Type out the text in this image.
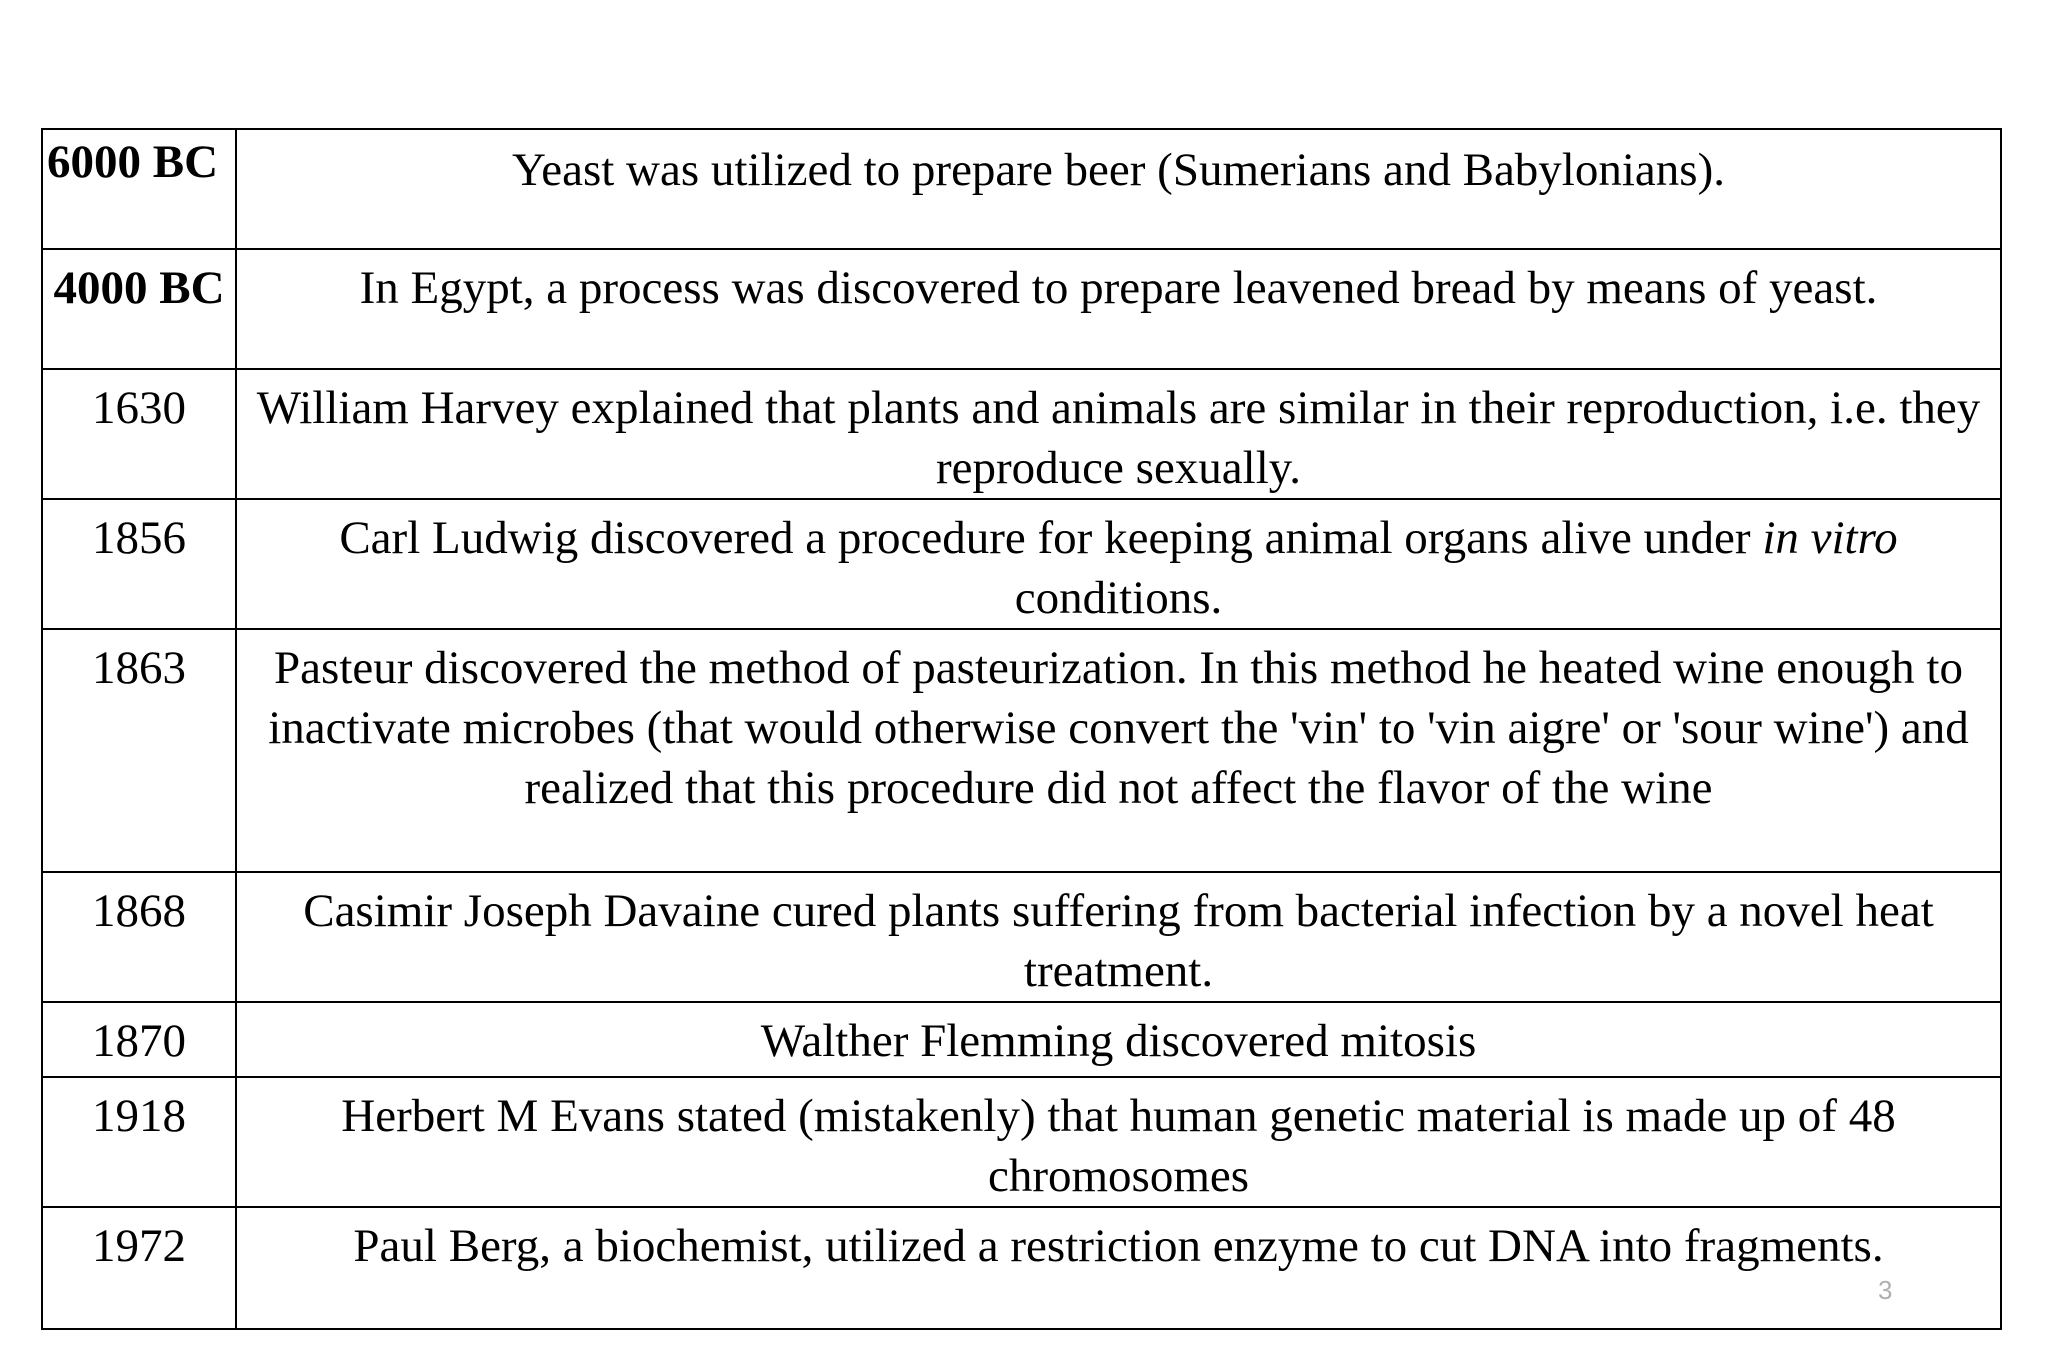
6000 BC	Yeast was utilized to prepare beer (Sumerians and Babylonians).
4000 BC	In Egypt, a process was discovered to prepare leavened bread by means of yeast.
1630	William Harvey explained that plants and animals are similar in their reproduction, i.e. they reproduce sexually.
1856	Carl Ludwig discovered a procedure for keeping animal organs alive under in vitro conditions.
1863	Pasteur discovered the method of pasteurization. In this method he heated wine enough to inactivate microbes (that would otherwise convert the 'vin' to 'vin aigre' or 'sour wine') and realized that this procedure did not affect the flavor of the wine
1868	Casimir Joseph Davaine cured plants suffering from bacterial infection by a novel heat treatment.
1870	Walther Flemming discovered mitosis
1918	Herbert M Evans stated (mistakenly) that human genetic material is made up of 48 chromosomes
1972	Paul Berg, a biochemist, utilized a restriction enzyme to cut DNA into fragments.
3
